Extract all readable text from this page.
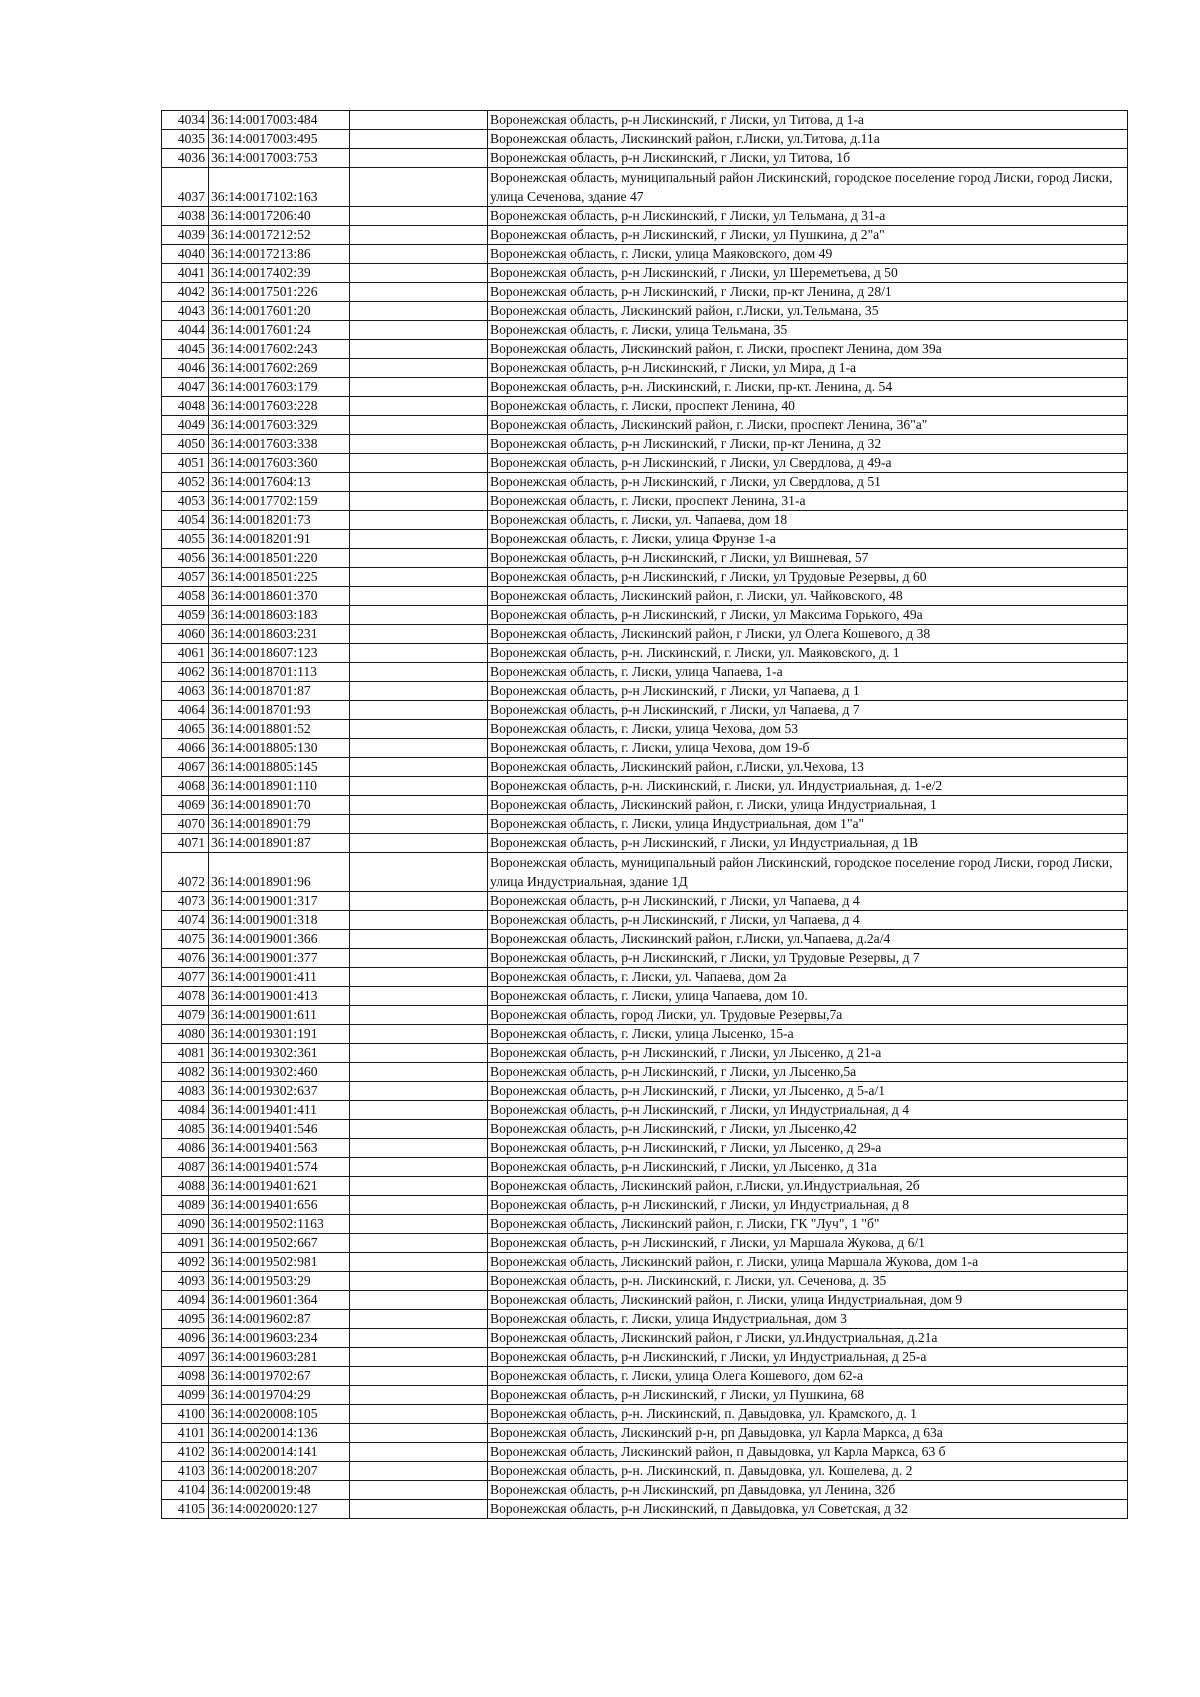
4034	36:14:0017003:484		Воронежская область, р-н Лискинский, г Лиски, ул Титова, д 1-а
4035	36:14:0017003:495		Воронежская область, Лискинский район, г.Лиски, ул.Титова, д.11а
4036	36:14:0017003:753		Воронежская область, р-н Лискинский, г Лиски, ул Титова, 1б
4037	36:14:0017102:163		Воронежская область, муниципальный район Лискинский, городское поселение город Лиски, город Лиски, улица Сеченова, здание 47
4038	36:14:0017206:40		Воронежская область, р-н Лискинский, г Лиски, ул Тельмана, д 31-а
4039	36:14:0017212:52		Воронежская область, р-н Лискинский, г Лиски, ул Пушкина, д 2"а"
4040	36:14:0017213:86		Воронежская область, г. Лиски, улица Маяковского, дом 49
4041	36:14:0017402:39		Воронежская область, р-н Лискинский, г Лиски, ул Шереметьева, д 50
4042	36:14:0017501:226		Воронежская область, р-н Лискинский, г Лиски, пр-кт Ленина, д 28/1
4043	36:14:0017601:20		Воронежская область, Лискинский район, г.Лиски, ул.Тельмана, 35
4044	36:14:0017601:24		Воронежская область, г. Лиски, улица Тельмана, 35
4045	36:14:0017602:243		Воронежская область, Лискинский район, г. Лиски, проспект Ленина, дом 39а
4046	36:14:0017602:269		Воронежская область, р-н Лискинский, г Лиски, ул Мира, д 1-а
4047	36:14:0017603:179		Воронежская область, р-н. Лискинский, г. Лиски, пр-кт. Ленина, д. 54
4048	36:14:0017603:228		Воронежская область, г. Лиски, проспект Ленина, 40
4049	36:14:0017603:329		Воронежская область, Лискинский район, г. Лиски, проспект Ленина, 36"а"
4050	36:14:0017603:338		Воронежская область, р-н Лискинский, г Лиски, пр-кт Ленина, д 32
4051	36:14:0017603:360		Воронежская область, р-н Лискинский, г Лиски, ул Свердлова, д 49-а
4052	36:14:0017604:13		Воронежская область, р-н Лискинский, г Лиски, ул Свердлова, д 51
4053	36:14:0017702:159		Воронежская область, г. Лиски, проспект Ленина, 31-а
4054	36:14:0018201:73		Воронежская область, г. Лиски, ул. Чапаева, дом 18
4055	36:14:0018201:91		Воронежская область, г. Лиски, улица Фрунзе 1-а
4056	36:14:0018501:220		Воронежская область, р-н Лискинский, г Лиски, ул Вишневая, 57
4057	36:14:0018501:225		Воронежская область, р-н Лискинский, г Лиски, ул Трудовые Резервы, д 60
4058	36:14:0018601:370		Воронежская область, Лискинский район, г. Лиски, ул. Чайковского, 48
4059	36:14:0018603:183		Воронежская область, р-н Лискинский, г Лиски, ул Максима Горького, 49а
4060	36:14:0018603:231		Воронежская область, Лискинский район, г Лиски, ул Олега Кошевого, д 38
4061	36:14:0018607:123		Воронежская область, р-н. Лискинский, г. Лиски, ул. Маяковского, д. 1
4062	36:14:0018701:113		Воронежская область, г. Лиски, улица Чапаева, 1-а
4063	36:14:0018701:87		Воронежская область, р-н Лискинский, г Лиски, ул Чапаева, д 1
4064	36:14:0018701:93		Воронежская область, р-н Лискинский, г Лиски, ул Чапаева, д 7
4065	36:14:0018801:52		Воронежская область, г. Лиски, улица Чехова, дом 53
4066	36:14:0018805:130		Воронежская область, г. Лиски, улица Чехова, дом 19-б
4067	36:14:0018805:145		Воронежская область, Лискинский район, г.Лиски, ул.Чехова, 13
4068	36:14:0018901:110		Воронежская область, р-н. Лискинский, г. Лиски, ул. Индустриальная, д. 1-е/2
4069	36:14:0018901:70		Воронежская область, Лискинский район, г. Лиски, улица Индустриальная, 1
4070	36:14:0018901:79		Воронежская область, г. Лиски, улица Индустриальная, дом 1"а"
4071	36:14:0018901:87		Воронежская область, р-н Лискинский, г Лиски, ул Индустриальная, д 1В
4072	36:14:0018901:96		Воронежская область, муниципальный район Лискинский, городское поселение город Лиски, город Лиски, улица Индустриальная, здание 1Д
4073	36:14:0019001:317		Воронежская область, р-н Лискинский, г Лиски, ул Чапаева, д 4
4074	36:14:0019001:318		Воронежская область, р-н Лискинский, г Лиски, ул Чапаева, д 4
4075	36:14:0019001:366		Воронежская область, Лискинский район, г.Лиски, ул.Чапаева, д.2а/4
4076	36:14:0019001:377		Воронежская область, р-н Лискинский, г Лиски, ул Трудовые Резервы, д 7
4077	36:14:0019001:411		Воронежская область, г. Лиски, ул. Чапаева, дом 2а
4078	36:14:0019001:413		Воронежская область, г. Лиски, улица Чапаева, дом 10.
4079	36:14:0019001:611		Воронежская область, город Лиски, ул. Трудовые Резервы,7а
4080	36:14:0019301:191		Воронежская область, г. Лиски, улица Лысенко, 15-а
4081	36:14:0019302:361		Воронежская область, р-н Лискинский, г Лиски, ул Лысенко, д 21-а
4082	36:14:0019302:460		Воронежская область, р-н Лискинский, г Лиски, ул Лысенко,5а
4083	36:14:0019302:637		Воронежская область, р-н Лискинский, г Лиски, ул Лысенко, д 5-а/1
4084	36:14:0019401:411		Воронежская область, р-н Лискинский, г Лиски, ул Индустриальная, д 4
4085	36:14:0019401:546		Воронежская область, р-н Лискинский, г Лиски, ул Лысенко,42
4086	36:14:0019401:563		Воронежская область, р-н Лискинский, г Лиски, ул Лысенко, д 29-а
4087	36:14:0019401:574		Воронежская область, р-н Лискинский, г Лиски, ул Лысенко, д 31а
4088	36:14:0019401:621		Воронежская область, Лискинский район, г.Лиски, ул.Индустриальная, 2б
4089	36:14:0019401:656		Воронежская область, р-н Лискинский, г Лиски, ул Индустриальная, д 8
4090	36:14:0019502:1163		Воронежская область, Лискинский район, г. Лиски, ГК "Луч", 1 "б"
4091	36:14:0019502:667		Воронежская область, р-н Лискинский, г Лиски, ул Маршала Жукова, д 6/1
4092	36:14:0019502:981		Воронежская область, Лискинский район, г. Лиски, улица Маршала Жукова, дом 1-а
4093	36:14:0019503:29		Воронежская область, р-н. Лискинский, г. Лиски, ул. Сеченова, д. 35
4094	36:14:0019601:364		Воронежская область, Лискинский район, г. Лиски, улица Индустриальная, дом 9
4095	36:14:0019602:87		Воронежская область, г. Лиски, улица Индустриальная, дом 3
4096	36:14:0019603:234		Воронежская область, Лискинский район, г Лиски, ул.Индустриальная, д.21а
4097	36:14:0019603:281		Воронежская область, р-н Лискинский, г Лиски, ул Индустриальная, д 25-а
4098	36:14:0019702:67		Воронежская область, г. Лиски, улица Олега Кошевого, дом 62-а
4099	36:14:0019704:29		Воронежская область, р-н Лискинский, г Лиски, ул Пушкина, 68
4100	36:14:0020008:105		Воронежская область, р-н. Лискинский, п. Давыдовка, ул. Крамского, д. 1
4101	36:14:0020014:136		Воронежская область, Лискинский р-н, рп Давыдовка, ул Карла Маркса, д 63а
4102	36:14:0020014:141		Воронежская область, Лискинский район, п Давыдовка, ул Карла Маркса, 63 б
4103	36:14:0020018:207		Воронежская область, р-н. Лискинский, п. Давыдовка, ул. Кошелева, д. 2
4104	36:14:0020019:48		Воронежская область, р-н Лискинский, рп Давыдовка, ул Ленина, 32б
4105	36:14:0020020:127		Воронежская область, р-н Лискинский, п Давыдовка, ул Советская, д 32
